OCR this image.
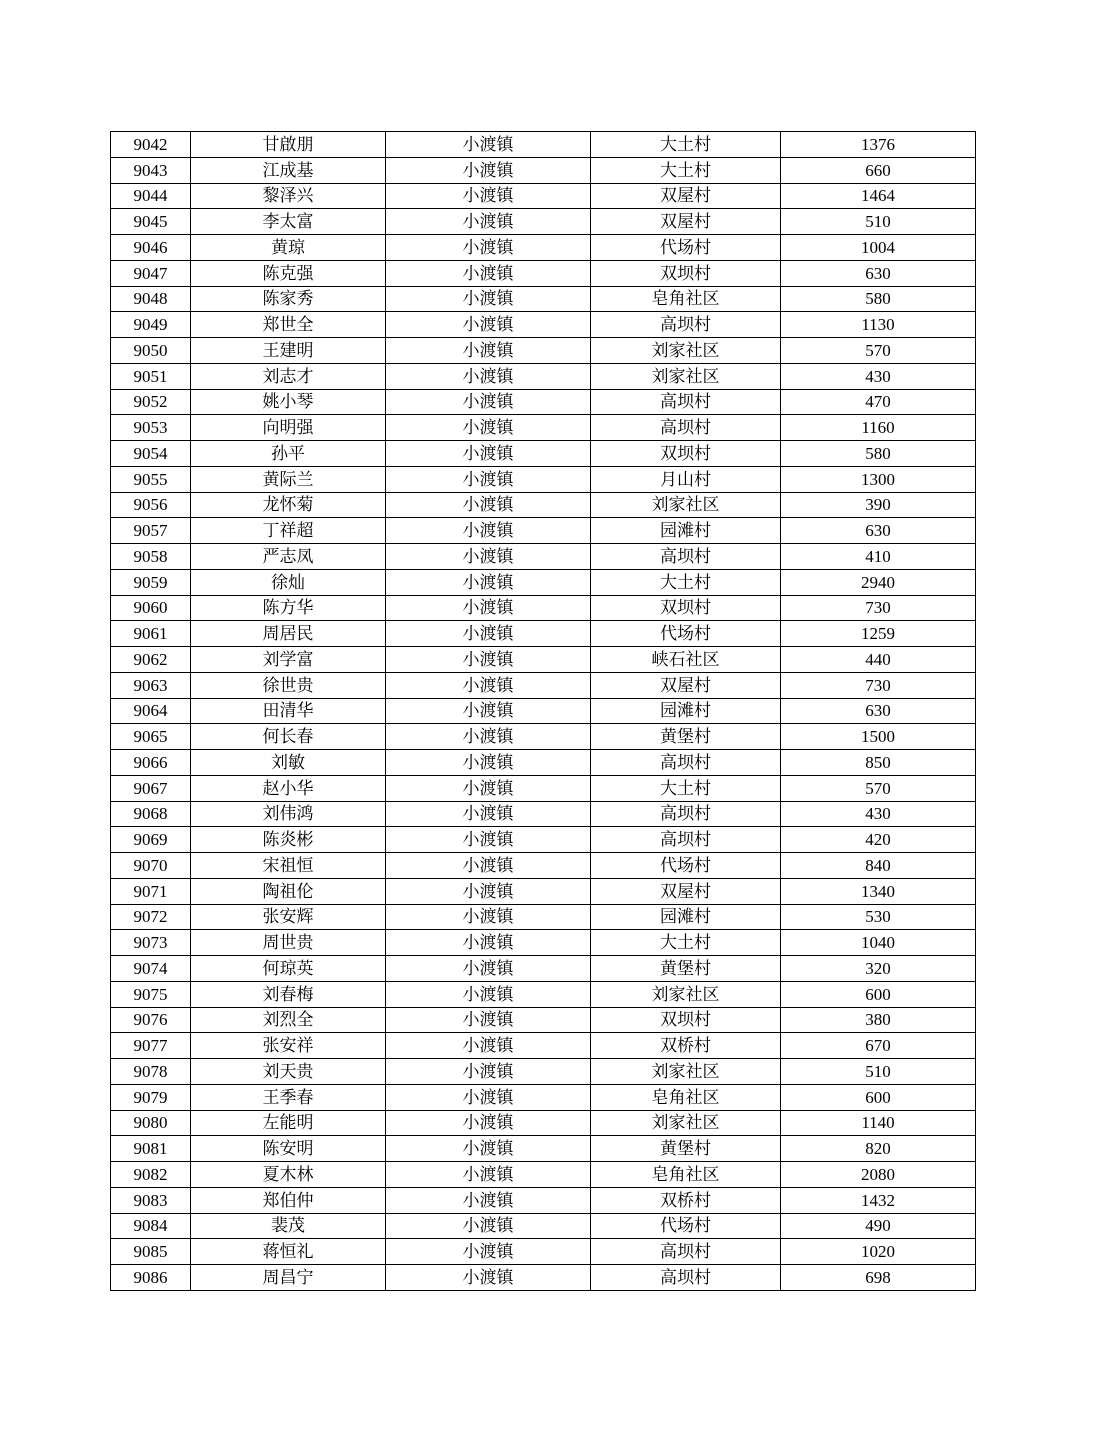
9042	甘啟朋	小渡镇	大土村	1376
9043	江成基	小渡镇	大土村	660
9044	黎泽兴	小渡镇	双屋村	1464
9045	李太富	小渡镇	双屋村	510
9046	黄琼	小渡镇	代场村	1004
9047	陈克强	小渡镇	双坝村	630
9048	陈家秀	小渡镇	皂角社区	580
9049	郑世全	小渡镇	高坝村	1130
9050	王建明	小渡镇	刘家社区	570
9051	刘志才	小渡镇	刘家社区	430
9052	姚小琴	小渡镇	高坝村	470
9053	向明强	小渡镇	高坝村	1160
9054	孙平	小渡镇	双坝村	580
9055	黄际兰	小渡镇	月山村	1300
9056	龙怀菊	小渡镇	刘家社区	390
9057	丁祥超	小渡镇	园滩村	630
9058	严志凤	小渡镇	高坝村	410
9059	徐灿	小渡镇	大土村	2940
9060	陈方华	小渡镇	双坝村	730
9061	周居民	小渡镇	代场村	1259
9062	刘学富	小渡镇	峡石社区	440
9063	徐世贵	小渡镇	双屋村	730
9064	田清华	小渡镇	园滩村	630
9065	何长春	小渡镇	黄堡村	1500
9066	刘敏	小渡镇	高坝村	850
9067	赵小华	小渡镇	大土村	570
9068	刘伟鸿	小渡镇	高坝村	430
9069	陈炎彬	小渡镇	高坝村	420
9070	宋祖恒	小渡镇	代场村	840
9071	陶祖伦	小渡镇	双屋村	1340
9072	张安辉	小渡镇	园滩村	530
9073	周世贵	小渡镇	大土村	1040
9074	何琼英	小渡镇	黄堡村	320
9075	刘春梅	小渡镇	刘家社区	600
9076	刘烈全	小渡镇	双坝村	380
9077	张安祥	小渡镇	双桥村	670
9078	刘天贵	小渡镇	刘家社区	510
9079	王季春	小渡镇	皂角社区	600
9080	左能明	小渡镇	刘家社区	1140
9081	陈安明	小渡镇	黄堡村	820
9082	夏木林	小渡镇	皂角社区	2080
9083	郑伯仲	小渡镇	双桥村	1432
9084	裴茂	小渡镇	代场村	490
9085	蒋恒礼	小渡镇	高坝村	1020
9086	周昌宁	小渡镇	高坝村	698
